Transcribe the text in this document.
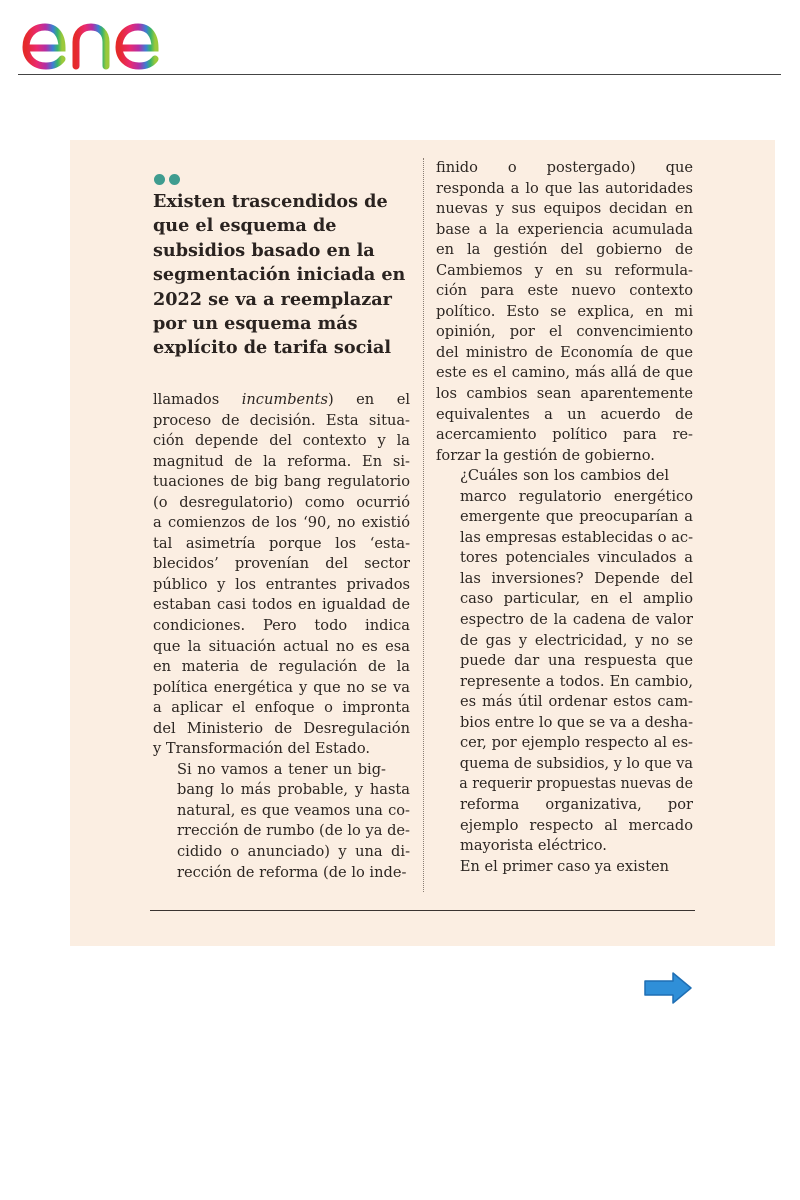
Existen trascendidos de que el esquema de subsidios basado en la segmentación iniciada en 2022 se va a reemplazar por un esquema más explícito de tarifa social

llamados incumbents) en el
proceso de decisión. Esta situa-
ción depende del contexto y la
magnitud de la reforma. En si-
tuaciones de big bang regulatorio
(o desregulatorio) como ocurrió
a comienzos de los ‘90, no existió
tal asimetría porque los ‘esta-
blecidos’ provenían del sector
público y los entrantes privados
estaban casi todos en igualdad de
condiciones. Pero todo indica
que la situación actual no es esa
en materia de regulación de la
política energética y que no se va
a aplicar el enfoque o impronta
del Ministerio de Desregulación
y Transformación del Estado.

Si no vamos a tener un big-
bang lo más probable, y hasta
natural, es que veamos una co-
rrección de rumbo (de lo ya de-
cidido o anunciado) y una di-
rección de reforma (de lo inde-

finido o postergado) que
responda a lo que las autoridades
nuevas y sus equipos decidan en
base a la experiencia acumulada
en la gestión del gobierno de
Cambiemos y en su reformula-
ción para este nuevo contexto
político. Esto se explica, en mi
opinión, por el convencimiento
del ministro de Economía de que
este es el camino, más allá de que
los cambios sean aparentemente
equivalentes a un acuerdo de
acercamiento político para re-
forzar la gestión de gobierno.

¿Cuáles son los cambios del
marco regulatorio energético
emergente que preocuparían a
las empresas establecidas o ac-
tores potenciales vinculados a
las inversiones? Depende del
caso particular, en el amplio
espectro de la cadena de valor
de gas y electricidad, y no se
puede dar una respuesta que
represente a todos. En cambio,
es más útil ordenar estos cam-
bios entre lo que se va a desha-
cer, por ejemplo respecto al es-
quema de subsidios, y lo que va
a requerir propuestas nuevas de
reforma organizativa, por
ejemplo respecto al mercado
mayorista eléctrico.

En el primer caso ya existen
